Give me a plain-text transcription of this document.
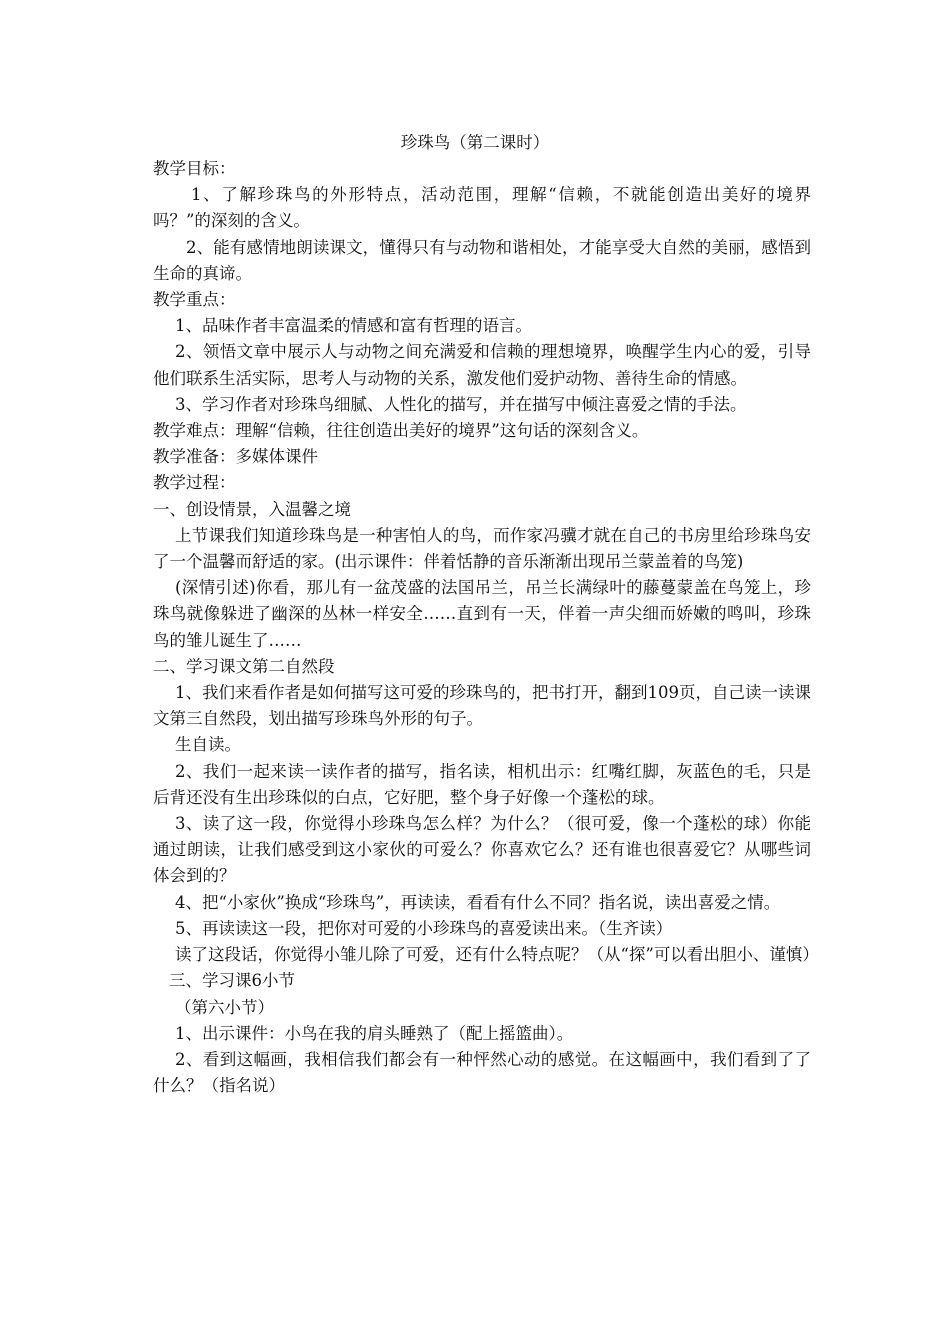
珍珠鸟（第二课时）

教学目标：

1、了解珍珠鸟的外形特点，活动范围，理解“信赖，不就能创造出美好的境界吗？”的深刻的含义。

2、能有感情地朗读课文，懂得只有与动物和谐相处，才能享受大自然的美丽，感悟到生命的真谛。

教学重点：

1、品味作者丰富温柔的情感和富有哲理的语言。

2、领悟文章中展示人与动物之间充满爱和信赖的理想境界，唤醒学生内心的爱，引导他们联系生活实际，思考人与动物的关系，激发他们爱护动物、善待生命的情感。

3、学习作者对珍珠鸟细腻、人性化的描写，并在描写中倾注喜爱之情的手法。

教学难点：理解“信赖，往往创造出美好的境界”这句话的深刻含义。

教学准备：多媒体课件

教学过程：

一、创设情景，入温馨之境

上节课我们知道珍珠鸟是一种害怕人的鸟，而作家冯骥才就在自己的书房里给珍珠鸟安了一个温馨而舒适的家。(出示课件：伴着恬静的音乐渐渐出现吊兰蒙盖着的鸟笼)

(深情引述)你看，那儿有一盆茂盛的法国吊兰，吊兰长满绿叶的藤蔓蒙盖在鸟笼上，珍珠鸟就像躲进了幽深的丛林一样安全……直到有一天，伴着一声尖细而娇嫩的鸣叫，珍珠鸟的雏儿诞生了……

二、学习课文第二自然段

1、我们来看作者是如何描写这可爱的珍珠鸟的，把书打开，翻到109页，自己读一读课文第三自然段，划出描写珍珠鸟外形的句子。

生自读。

2、我们一起来读一读作者的描写，指名读，相机出示：红嘴红脚，灰蓝色的毛，只是后背还没有生出珍珠似的白点，它好肥，整个身子好像一个蓬松的球。

3、读了这一段，你觉得小珍珠鸟怎么样？为什么？（很可爱，像一个蓬松的球）你能通过朗读，让我们感受到这小家伙的可爱么？你喜欢它么？还有谁也很喜爱它？从哪些词体会到的？

4、把“小家伙”换成“珍珠鸟”，再读读，看看有什么不同？指名说，读出喜爱之情。

5、再读读这一段，把你对可爱的小珍珠鸟的喜爱读出来。（生齐读）

读了这段话，你觉得小雏儿除了可爱，还有什么特点呢？（从“探”可以看出胆小、谨慎）

三、学习课6小节

（第六小节）

1、出示课件：小鸟在我的肩头睡熟了（配上摇篮曲）。

2、看到这幅画，我相信我们都会有一种怦然心动的感觉。在这幅画中，我们看到了了什么？（指名说）
